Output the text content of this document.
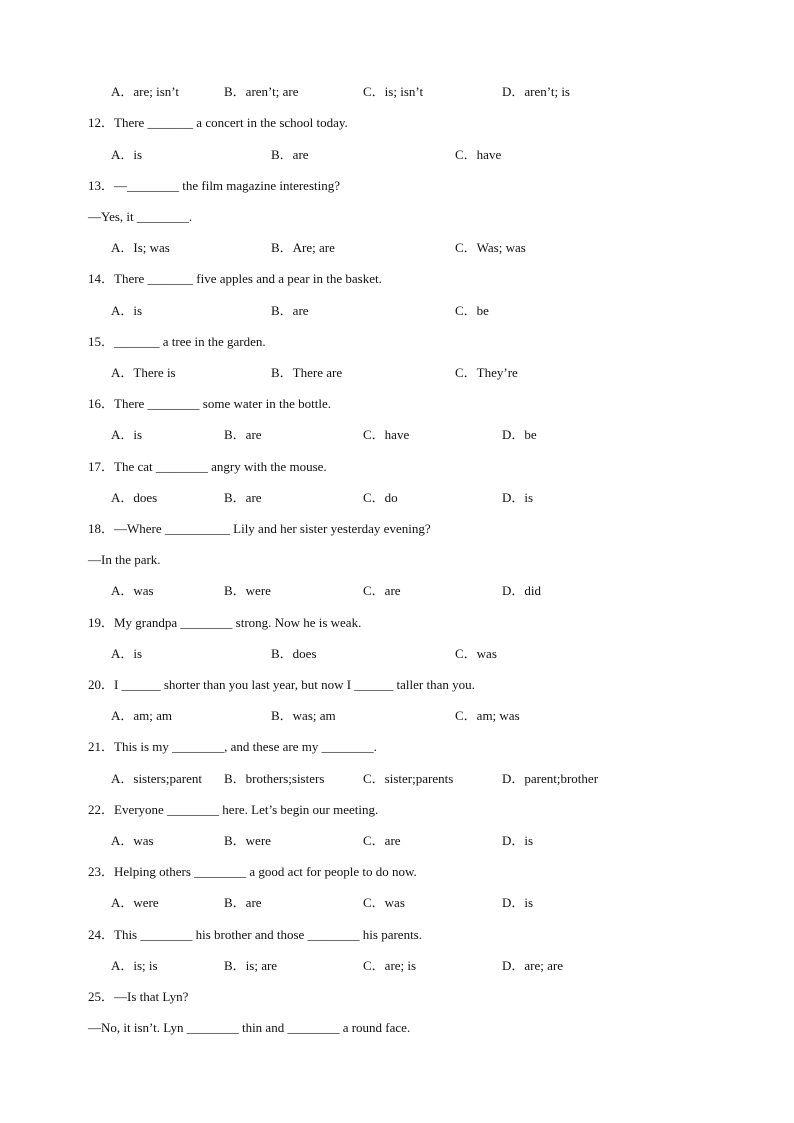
A．are; isn’t	B．aren’t; are	C．is; isn’t	D．aren’t; is
12．There _______ a concert in the school today.
A．is	B．are	C．have
13．—________ the film magazine interesting?
—Yes, it ________.
A．Is; was	B．Are; are	C．Was; was
14．There _______ five apples and a pear in the basket.
A．is	B．are	C．be
15．_______ a tree in the garden.
A．There is	B．There are	C．They’re
16．There ________ some water in the bottle.
A．is	B．are	C．have	D．be
17．The cat ________ angry with the mouse.
A．does	B．are	C．do	D．is
18．—Where __________ Lily and her sister yesterday evening?
—In the park.
A．was	B．were	C．are	D．did
19．My grandpa ________ strong. Now he is weak.
A．is	B．does	C．was
20．I ______ shorter than you last year, but now I ______ taller than you.
A．am; am	B．was; am	C．am; was
21．This is my ________, and these are my ________.
A．sisters;parent B．brothers;sisters	C．sister;parents	D．parent;brother
22．Everyone ________ here. Let’s begin our meeting.
A．was	B．were	C．are	D．is
23．Helping others ________ a good act for people to do now.
A．were	B．are	C．was	D．is
24．This ________ his brother and those ________ his parents.
A．is; is	B．is; are	C．are; is	D．are; are
25．—Is that Lyn?
—No, it isn’t. Lyn ________ thin and ________ a round face.
